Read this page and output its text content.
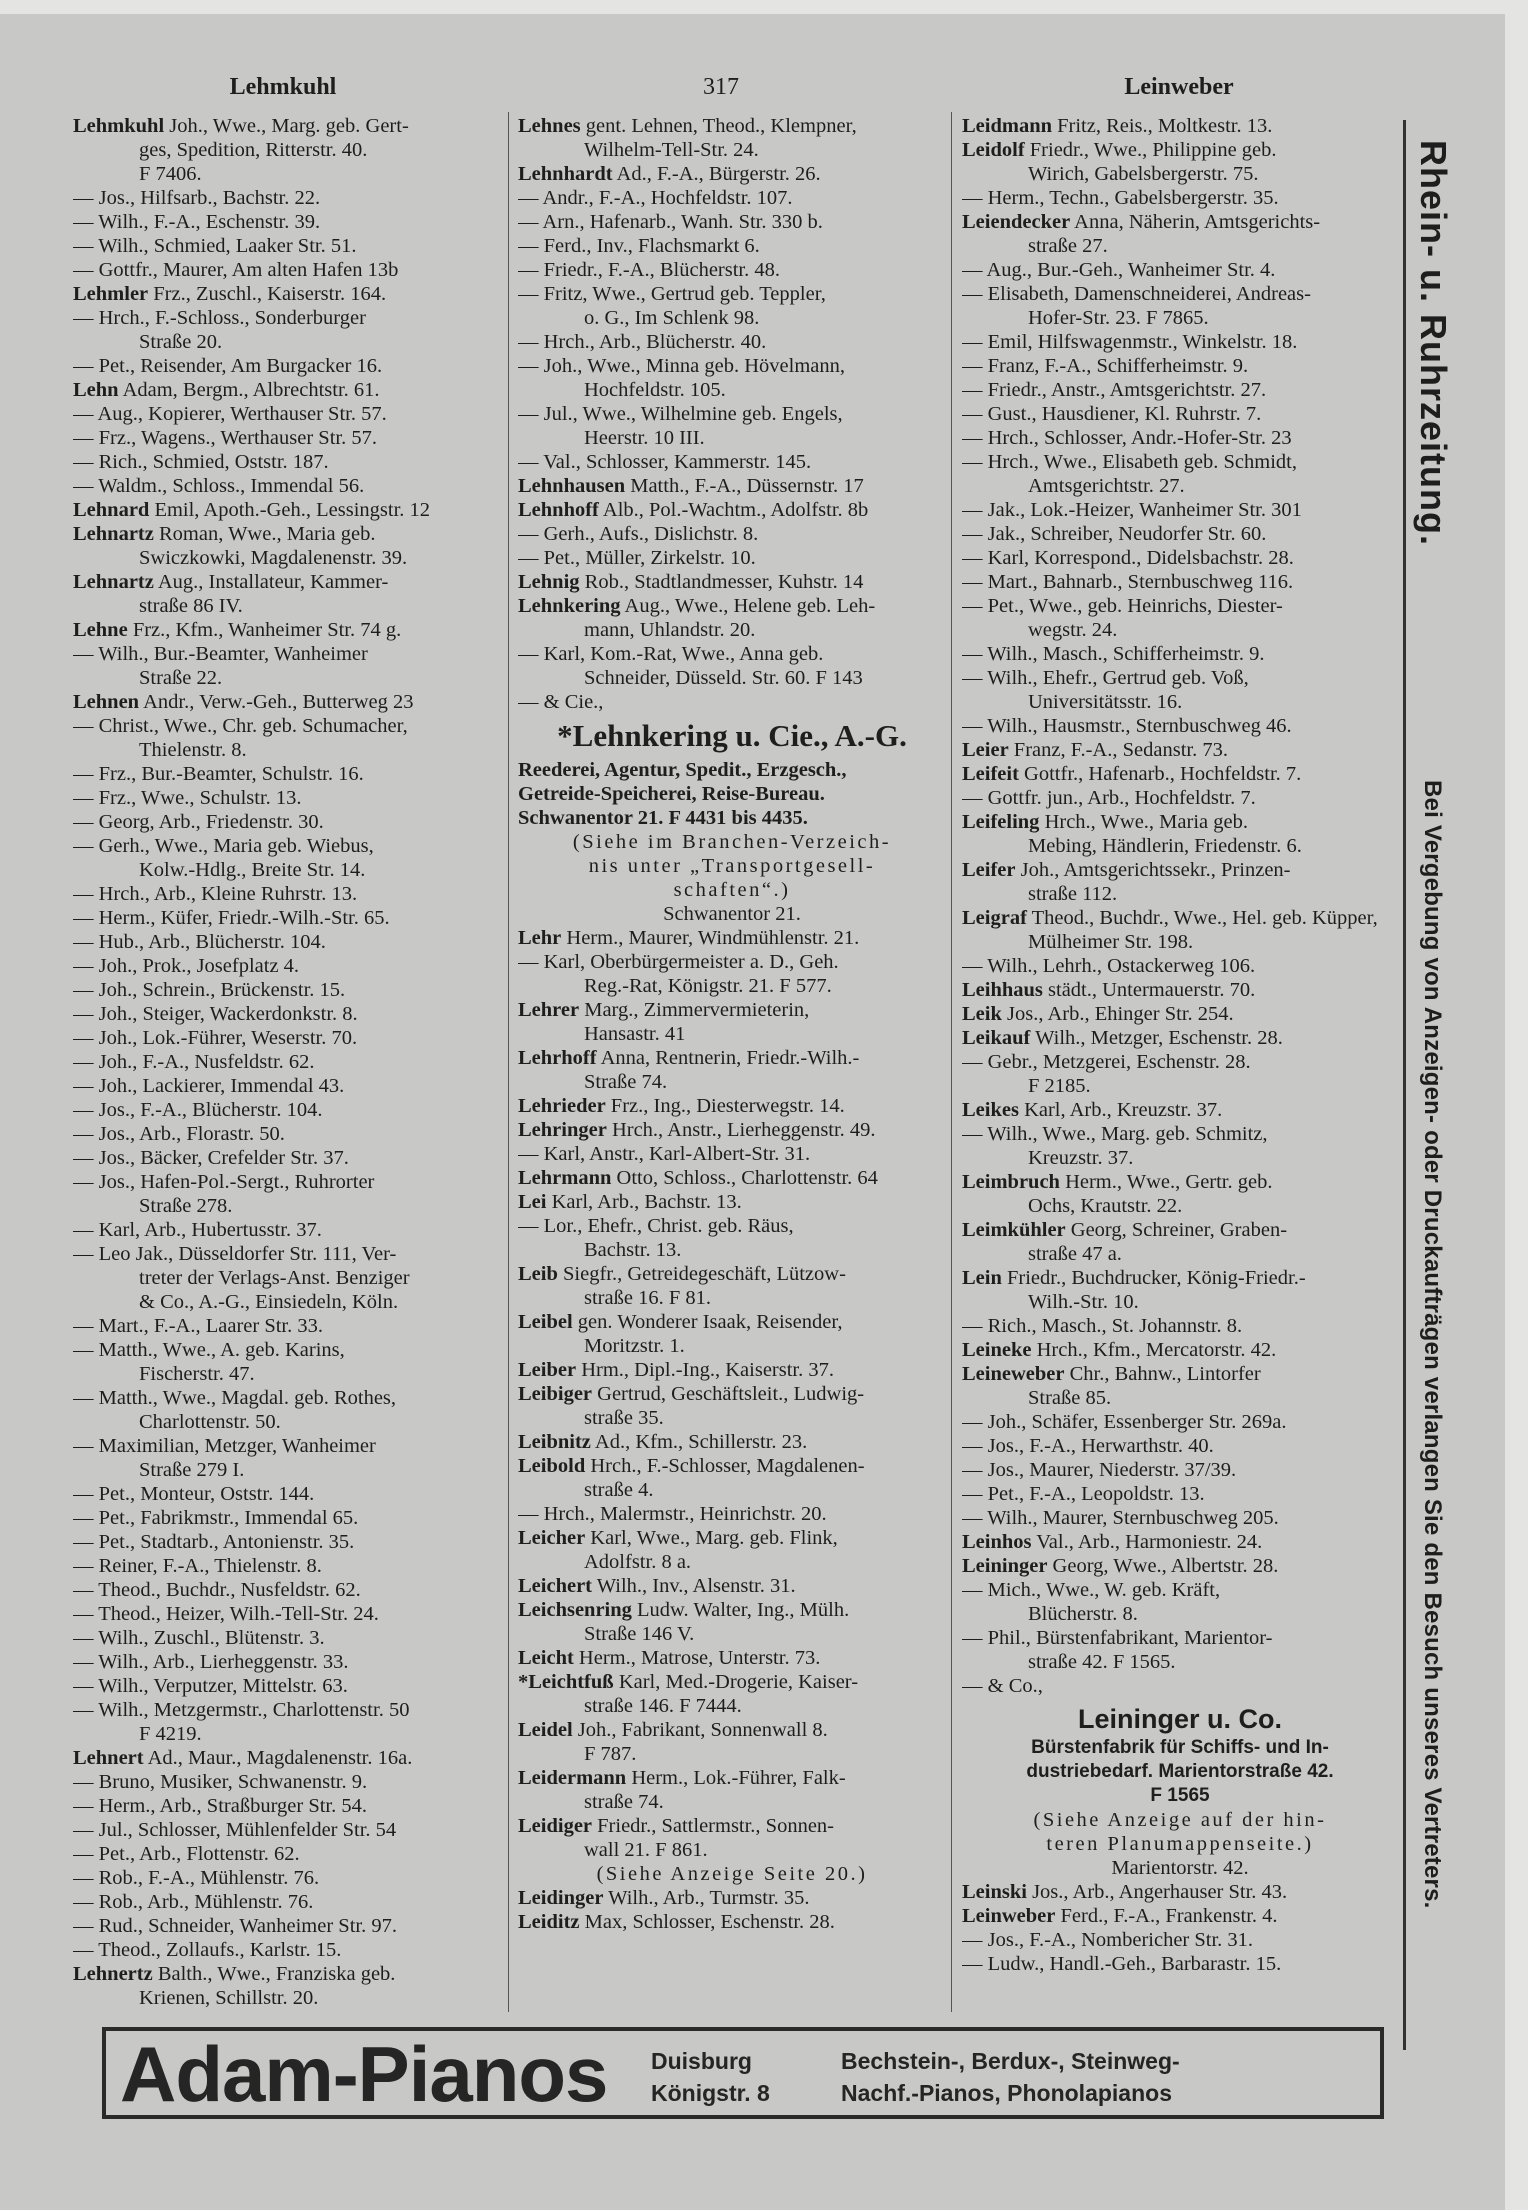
Lehmkuhl	317	Leinweber
Lehmkuhl Joh., Wwe., Marg. geb. Gert-
ges, Spedition, Ritterstr. 40.
F 7406.
— Jos., Hilfsarb., Bachstr. 22.
— Wilh., F.-A., Eschenstr. 39.
— Wilh., Schmied, Laaker Str. 51.
— Gottfr., Maurer, Am alten Hafen 13b
Lehmler Frz., Zuschl., Kaiserstr. 164.
— Hrch., F.-Schloss., Sonderburger
Straße 20.
— Pet., Reisender, Am Burgacker 16.
Lehn Adam, Bergm., Albrechtstr. 61.
— Aug., Kopierer, Werthauser Str. 57.
— Frz., Wagens., Werthauser Str. 57.
— Rich., Schmied, Oststr. 187.
— Waldm., Schloss., Immendal 56.
Lehnard Emil, Apoth.-Geh., Lessingstr. 12
Lehnartz Roman, Wwe., Maria geb.
Swiczkowki, Magdalenenstr. 39.
Lehnartz Aug., Installateur, Kammer-
straße 86 IV.
Lehne Frz., Kfm., Wanheimer Str. 74 g.
— Wilh., Bur.-Beamter, Wanheimer
Straße 22.
Lehnen Andr., Verw.-Geh., Butterweg 23
— Christ., Wwe., Chr. geb. Schumacher,
Thielenstr. 8.
— Frz., Bur.-Beamter, Schulstr. 16.
— Frz., Wwe., Schulstr. 13.
— Georg, Arb., Friedenstr. 30.
— Gerh., Wwe., Maria geb. Wiebus,
Kolw.-Hdlg., Breite Str. 14.
— Hrch., Arb., Kleine Ruhrstr. 13.
— Herm., Küfer, Friedr.-Wilh.-Str. 65.
— Hub., Arb., Blücherstr. 104.
— Joh., Prok., Josefplatz 4.
— Joh., Schrein., Brückenstr. 15.
— Joh., Steiger, Wackerdonkstr. 8.
— Joh., Lok.-Führer, Weserstr. 70.
— Joh., F.-A., Nusfeldstr. 62.
— Joh., Lackierer, Immendal 43.
— Jos., F.-A., Blücherstr. 104.
— Jos., Arb., Florastr. 50.
— Jos., Bäcker, Crefelder Str. 37.
— Jos., Hafen-Pol.-Sergt., Ruhrorter
Straße 278.
— Karl, Arb., Hubertusstr. 37.
— Leo Jak., Düsseldorfer Str. 111, Ver-
treter der Verlags-Anst. Benziger
& Co., A.-G., Einsiedeln, Köln.
— Mart., F.-A., Laarer Str. 33.
— Matth., Wwe., A. geb. Karins,
Fischerstr. 47.
— Matth., Wwe., Magdal. geb. Rothes,
Charlottenstr. 50.
— Maximilian, Metzger, Wanheimer
Straße 279 I.
— Pet., Monteur, Oststr. 144.
— Pet., Fabrikmstr., Immendal 65.
— Pet., Stadtarb., Antonienstr. 35.
— Reiner, F.-A., Thielenstr. 8.
— Theod., Buchdr., Nusfeldstr. 62.
— Theod., Heizer, Wilh.-Tell-Str. 24.
— Wilh., Zuschl., Blütenstr. 3.
— Wilh., Arb., Lierheggenstr. 33.
— Wilh., Verputzer, Mittelstr. 63.
— Wilh., Metzgermstr., Charlottenstr. 50
F 4219.
Lehnert Ad., Maur., Magdalenenstr. 16a.
— Bruno, Musiker, Schwanenstr. 9.
— Herm., Arb., Straßburger Str. 54.
— Jul., Schlosser, Mühlenfelder Str. 54
— Pet., Arb., Flottenstr. 62.
— Rob., F.-A., Mühlenstr. 76.
— Rob., Arb., Mühlenstr. 76.
— Rud., Schneider, Wanheimer Str. 97.
— Theod., Zollaufs., Karlstr. 15.
Lehnertz Balth., Wwe., Franziska geb.
Krienen, Schillstr. 20.
Lehnes gent. Lehnen, Theod., Klempner,
Wilhelm-Tell-Str. 24.
Lehnhardt Ad., F.-A., Bürgerstr. 26.
— Andr., F.-A., Hochfeldstr. 107.
— Arn., Hafenarb., Wanh. Str. 330 b.
— Ferd., Inv., Flachsmarkt 6.
— Friedr., F.-A., Blücherstr. 48.
— Fritz, Wwe., Gertrud geb. Teppler,
o. G., Im Schlenk 98.
— Hrch., Arb., Blücherstr. 40.
— Joh., Wwe., Minna geb. Hövelmann,
Hochfeldstr. 105.
— Jul., Wwe., Wilhelmine geb. Engels,
Heerstr. 10 III.
— Val., Schlosser, Kammerstr. 145.
Lehnhausen Matth., F.-A., Düssernstr. 17
Lehnhoff Alb., Pol.-Wachtm., Adolfstr. 8b
— Gerh., Aufs., Dislichstr. 8.
— Pet., Müller, Zirkelstr. 10.
Lehnig Rob., Stadtlandmesser, Kuhstr. 14
Lehnkering Aug., Wwe., Helene geb. Leh-
mann, Uhlandstr. 20.
— Karl, Kom.-Rat, Wwe., Anna geb.
Schneider, Düsseld. Str. 60. F 143
— & Cie.,
*Lehnkering u. Cie., A.-G.
Reederei, Agentur, Spedit., Erzgesch.,
Getreide-Speicherei, Reise-Bureau.
Schwanentor 21. F 4431 bis 4435.
(Siehe im Branchen-Verzeich-
nis unter „Transportgesell-
schaften“.)
Schwanentor 21.
Lehr Herm., Maurer, Windmühlenstr. 21.
— Karl, Oberbürgermeister a. D., Geh.
Reg.-Rat, Königstr. 21. F 577.
Lehrer Marg., Zimmervermieterin,
Hansastr. 41
Lehrhoff Anna, Rentnerin, Friedr.-Wilh.-
Straße 74.
Lehrieder Frz., Ing., Diesterwegstr. 14.
Lehringer Hrch., Anstr., Lierheggenstr. 49.
— Karl, Anstr., Karl-Albert-Str. 31.
Lehrmann Otto, Schloss., Charlottenstr. 64
Lei Karl, Arb., Bachstr. 13.
— Lor., Ehefr., Christ. geb. Räus,
Bachstr. 13.
Leib Siegfr., Getreidegeschäft, Lützow-
straße 16. F 81.
Leibel gen. Wonderer Isaak, Reisender,
Moritzstr. 1.
Leiber Hrm., Dipl.-Ing., Kaiserstr. 37.
Leibiger Gertrud, Geschäftsleit., Ludwig-
straße 35.
Leibnitz Ad., Kfm., Schillerstr. 23.
Leibold Hrch., F.-Schlosser, Magdalenen-
straße 4.
— Hrch., Malermstr., Heinrichstr. 20.
Leicher Karl, Wwe., Marg. geb. Flink,
Adolfstr. 8 a.
Leichert Wilh., Inv., Alsenstr. 31.
Leichsenring Ludw. Walter, Ing., Mülh.
Straße 146 V.
Leicht Herm., Matrose, Unterstr. 73.
*Leichtfuß Karl, Med.-Drogerie, Kaiser-
straße 146. F 7444.
Leidel Joh., Fabrikant, Sonnenwall 8.
F 787.
Leidermann Herm., Lok.-Führer, Falk-
straße 74.
Leidiger Friedr., Sattlermstr., Sonnen-
wall 21. F 861.
(Siehe Anzeige Seite 20.)
Leidinger Wilh., Arb., Turmstr. 35.
Leiditz Max, Schlosser, Eschenstr. 28.
Leidmann Fritz, Reis., Moltkestr. 13.
Leidolf Friedr., Wwe., Philippine geb.
Wirich, Gabelsbergerstr. 75.
— Herm., Techn., Gabelsbergerstr. 35.
Leiendecker Anna, Näherin, Amtsgerichts-
straße 27.
— Aug., Bur.-Geh., Wanheimer Str. 4.
— Elisabeth, Damenschneiderei, Andreas-
Hofer-Str. 23. F 7865.
— Emil, Hilfswagenmstr., Winkelstr. 18.
— Franz, F.-A., Schifferheimstr. 9.
— Friedr., Anstr., Amtsgerichtstr. 27.
— Gust., Hausdiener, Kl. Ruhrstr. 7.
— Hrch., Schlosser, Andr.-Hofer-Str. 23
— Hrch., Wwe., Elisabeth geb. Schmidt,
Amtsgerichtstr. 27.
— Jak., Lok.-Heizer, Wanheimer Str. 301
— Jak., Schreiber, Neudorfer Str. 60.
— Karl, Korrespond., Didelsbachstr. 28.
— Mart., Bahnarb., Sternbuschweg 116.
— Pet., Wwe., geb. Heinrichs, Diester-
wegstr. 24.
— Wilh., Masch., Schifferheimstr. 9.
— Wilh., Ehefr., Gertrud geb. Voß,
Universitätsstr. 16.
— Wilh., Hausmstr., Sternbuschweg 46.
Leier Franz, F.-A., Sedanstr. 73.
Leifeit Gottfr., Hafenarb., Hochfeldstr. 7.
— Gottfr. jun., Arb., Hochfeldstr. 7.
Leifeling Hrch., Wwe., Maria geb.
Mebing, Händlerin, Friedenstr. 6.
Leifer Joh., Amtsgerichtssekr., Prinzen-
straße 112.
Leigraf Theod., Buchdr., Wwe., Hel. geb. Küpper,
Mülheimer Str. 198.
— Wilh., Lehrh., Ostackerweg 106.
Leihhaus städt., Untermauerstr. 70.
Leik Jos., Arb., Ehinger Str. 254.
Leikauf Wilh., Metzger, Eschenstr. 28.
— Gebr., Metzgerei, Eschenstr. 28.
F 2185.
Leikes Karl, Arb., Kreuzstr. 37.
— Wilh., Wwe., Marg. geb. Schmitz,
Kreuzstr. 37.
Leimbruch Herm., Wwe., Gertr. geb.
Ochs, Krautstr. 22.
Leimkühler Georg, Schreiner, Graben-
straße 47 a.
Lein Friedr., Buchdrucker, König-Friedr.-
Wilh.-Str. 10.
— Rich., Masch., St. Johannstr. 8.
Leineke Hrch., Kfm., Mercatorstr. 42.
Leineweber Chr., Bahnw., Lintorfer
Straße 85.
— Joh., Schäfer, Essenberger Str. 269a.
— Jos., F.-A., Herwarthstr. 40.
— Jos., Maurer, Niederstr. 37/39.
— Pet., F.-A., Leopoldstr. 13.
— Wilh., Maurer, Sternbuschweg 205.
Leinhos Val., Arb., Harmoniestr. 24.
Leininger Georg, Wwe., Albertstr. 28.
— Mich., Wwe., W. geb. Kräft,
Blücherstr. 8.
— Phil., Bürstenfabrikant, Marientor-
straße 42. F 1565.
— & Co.,
Leininger u. Co.
Bürstenfabrik für Schiffs- und In-
dustriebedarf. Marientorstraße 42.
F 1565
(Siehe Anzeige auf der hin-
teren Planumappenseite.)
Marientorstr. 42.
Leinski Jos., Arb., Angerhauser Str. 43.
Leinweber Ferd., F.-A., Frankenstr. 4.
— Jos., F.-A., Nombericher Str. 31.
— Ludw., Handl.-Geh., Barbarastr. 15.
Rhein- u. Ruhrzeitung.
Bei Vergebung von Anzeigen- oder Druckaufträgen verlangen Sie den Besuch unseres Vertreters.
Adam-Pianos Duisburg
Königstr. 8
Bechstein-, Berdux-, Steinweg-
Nachf.-Pianos, Phonolapianos
